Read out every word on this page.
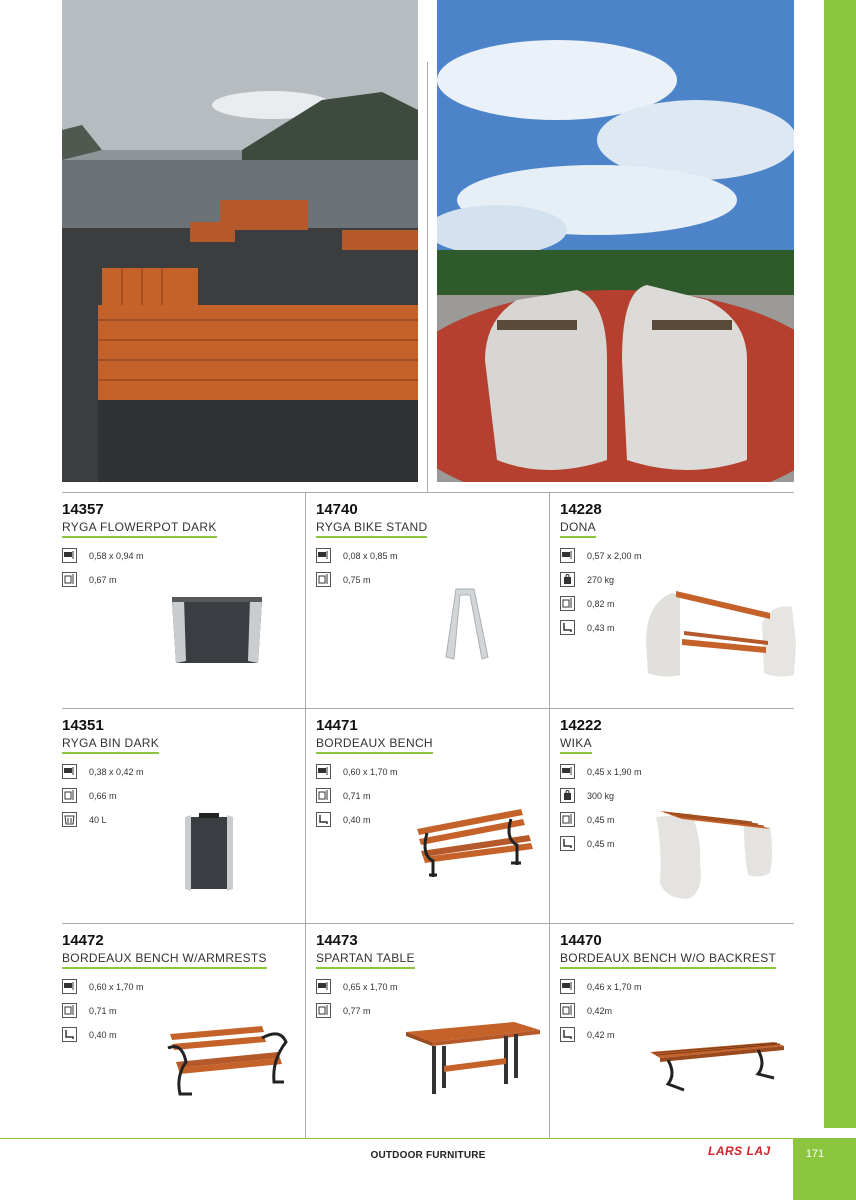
14357
RYGA FLOWERPOT DARK
0,58 x 0,94 m
0,67 m
14740
RYGA BIKE STAND
0,08 x 0,85 m
0,75 m
14228
DONA
0,57 x 2,00 m
270 kg
0,82 m
0,43 m
14351
RYGA BIN DARK
0,38 x 0,42 m
0,66 m
40 L
14471
BORDEAUX BENCH
0,60 x 1,70 m
0,71 m
0,40 m
14222
WIKA
0,45 x 1,90 m
300 kg
0,45 m
0,45 m
14472
BORDEAUX BENCH W/ARMRESTS
0,60 x 1,70 m
0,71 m
0,40 m
14473
SPARTAN TABLE
0,65 x 1,70 m
0,77 m
14470
BORDEAUX BENCH W/O BACKREST
0,46 x 1,70 m
0,42m
0,42 m
OUTDOOR FURNITURE	LARS LAJ	171
